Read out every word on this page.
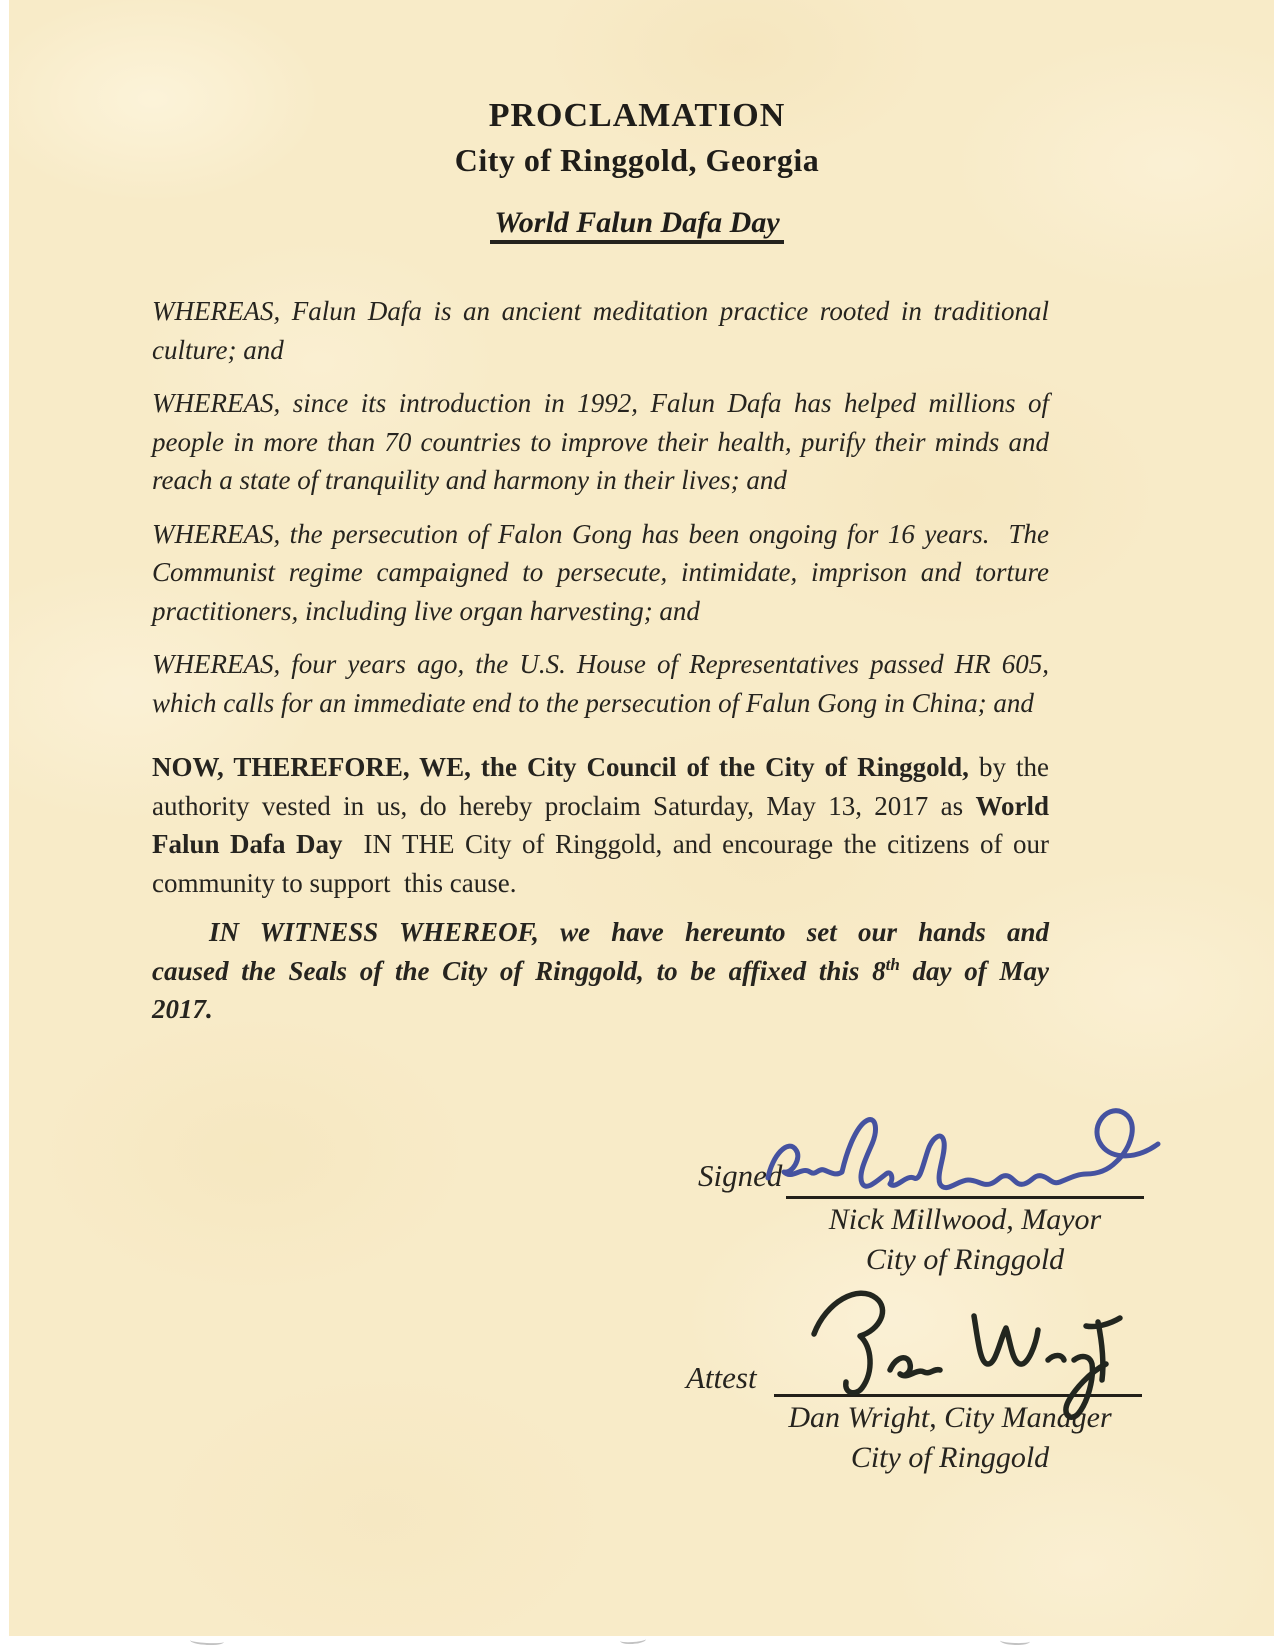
PROCLAMATION
City of Ringgold, Georgia
World Falun Dafa Day

WHEREAS, Falun Dafa is an ancient meditation practice rooted in traditional culture; and

WHEREAS, since its introduction in 1992, Falun Dafa has helped millions of people in more than 70 countries to improve their health, purify their minds and reach a state of tranquility and harmony in their lives; and

WHEREAS, the persecution of Falon Gong has been ongoing for 16 years.  The Communist regime campaigned to persecute, intimidate, imprison and torture practitioners, including live organ harvesting; and

WHEREAS, four years ago, the U.S. House of Representatives passed HR 605, which calls for an immediate end to the persecution of Falun Gong in China; and

NOW, THEREFORE, WE, the City Council of the City of Ringgold, by the authority vested in us, do hereby proclaim Saturday, May 13, 2017 as World Falun Dafa Day  IN THE City of Ringgold, and encourage the citizens of our community to support  this cause.

IN WITNESS WHEREOF, we have hereunto set our hands and caused the Seals of the City of Ringgold, to be affixed this 8th day of May 2017.

Signed
Nick Millwood, Mayor
City of Ringgold
Attest
Dan Wright, City Manager
City of Ringgold
